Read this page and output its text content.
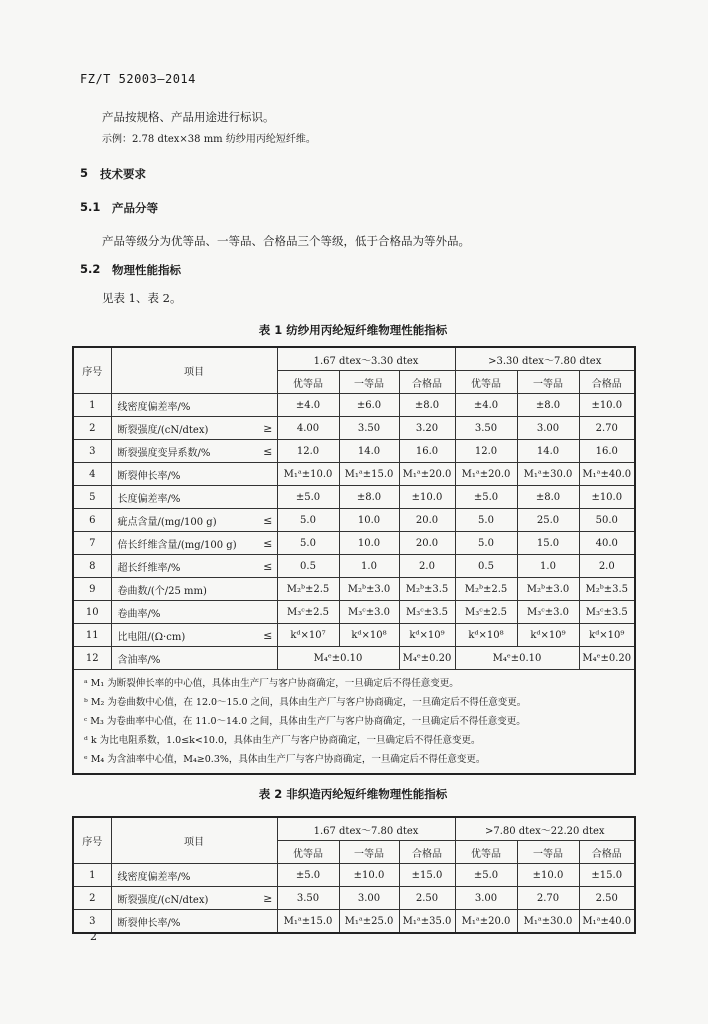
FZ/T 52003—2014
产品按规格、产品用途进行标识。
示例：2.78 dtex×38 mm 纺纱用丙纶短纤维。
5 技术要求
5.1 产品分等
产品等级分为优等品、一等品、合格品三个等级，低于合格品为等外品。
5.2 物理性能指标
见表 1、表 2。
表 1 纺纱用丙纶短纤维物理性能指标
序号	项目		1.67 dtex～3.30 dtex			>3.30 dtex～7.80 dtex		
			优等品	一等品	合格品	优等品	一等品	合格品
1	线密度偏差率/%		±4.0	±6.0	±8.0	±4.0	±8.0	±10.0
2	断裂强度/(cN/dtex)	≥	4.00	3.50	3.20	3.50	3.00	2.70
3	断裂强度变异系数/%	≤	12.0	14.0	16.0	12.0	14.0	16.0
4	断裂伸长率/%		M₁ᵃ±10.0	M₁ᵃ±15.0	M₁ᵃ±20.0	M₁ᵃ±20.0	M₁ᵃ±30.0	M₁ᵃ±40.0
5	长度偏差率/%		±5.0	±8.0	±10.0	±5.0	±8.0	±10.0
6	疵点含量/(mg/100 g)	≤	5.0	10.0	20.0	5.0	25.0	50.0
7	倍长纤维含量/(mg/100 g)	≤	5.0	10.0	20.0	5.0	15.0	40.0
8	超长纤维率/%	≤	0.5	1.0	2.0	0.5	1.0	2.0
9	卷曲数/(个/25 mm)		M₂ᵇ±2.5	M₂ᵇ±3.0	M₂ᵇ±3.5	M₂ᵇ±2.5	M₂ᵇ±3.0	M₂ᵇ±3.5
10	卷曲率/%		M₃ᶜ±2.5	M₃ᶜ±3.0	M₃ᶜ±3.5	M₃ᶜ±2.5	M₃ᶜ±3.0	M₃ᶜ±3.5
11	比电阻/(Ω·cm)	≤	kᵈ×10⁷	kᵈ×10⁸	kᵈ×10⁹	kᵈ×10⁸	kᵈ×10⁹	kᵈ×10⁹
12	含油率/%		M₄ᵉ±0.10		M₄ᵉ±0.20	M₄ᵉ±0.10		M₄ᵉ±0.20

ᵃ M₁ 为断裂伸长率的中心值，具体由生产厂与客户协商确定，一旦确定后不得任意变更。
ᵇ M₂ 为卷曲数中心值，在 12.0～15.0 之间，具体由生产厂与客户协商确定，一旦确定后不得任意变更。
ᶜ M₃ 为卷曲率中心值，在 11.0～14.0 之间，具体由生产厂与客户协商确定，一旦确定后不得任意变更。
ᵈ k 为比电阻系数，1.0≤k<10.0，具体由生产厂与客户协商确定，一旦确定后不得任意变更。
ᵉ M₄ 为含油率中心值，M₄≥0.3%，具体由生产厂与客户协商确定，一旦确定后不得任意变更。								
表 2 非织造丙纶短纤维物理性能指标
序号	项目		1.67 dtex～7.80 dtex			>7.80 dtex～22.20 dtex		
			优等品	一等品	合格品	优等品	一等品	合格品
1	线密度偏差率/%		±5.0	±10.0	±15.0	±5.0	±10.0	±15.0
2	断裂强度/(cN/dtex)	≥	3.50	3.00	2.50	3.00	2.70	2.50
3	断裂伸长率/%		M₁ᵃ±15.0	M₁ᵃ±25.0	M₁ᵃ±35.0	M₁ᵃ±20.0	M₁ᵃ±30.0	M₁ᵃ±40.0
2
